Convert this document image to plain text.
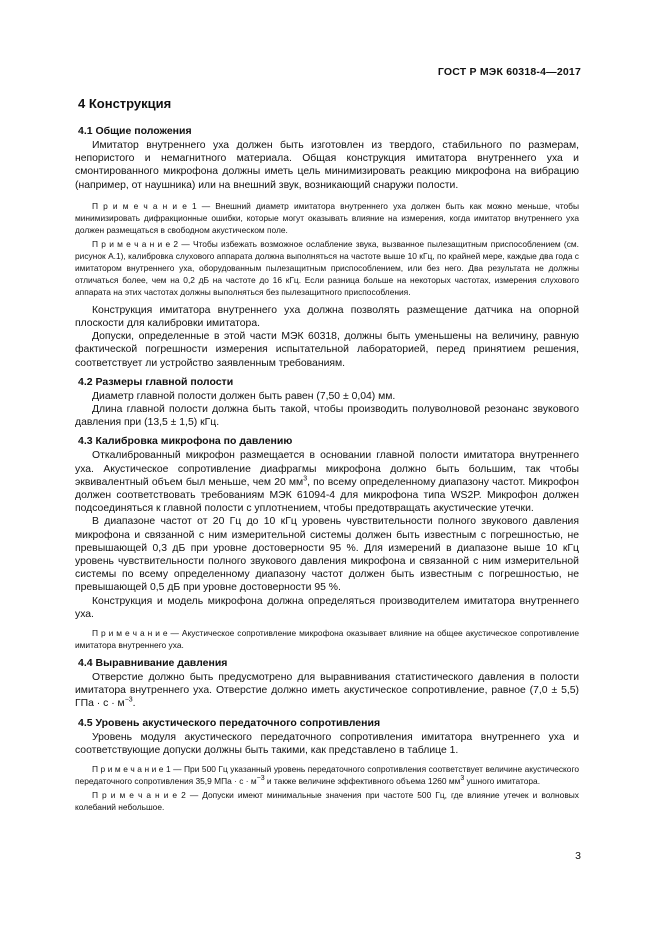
ГОСТ Р МЭК 60318-4—2017
4 Конструкция
4.1 Общие положения

Имитатор внутреннего уха должен быть изготовлен из твердого, стабильного по размерам, непористого и немагнитного материала. Общая конструкция имитатора внутреннего уха и смонтированного микрофона должны иметь цель минимизировать реакцию микрофона на вибрацию (например, от наушника) или на внешний звук, возникающий снаружи полости.

П р и м е ч а н и е 1 — Внешний диаметр имитатора внутреннего уха должен быть как можно меньше, чтобы минимизировать дифракционные ошибки, которые могут оказывать влияние на измерения, когда имитатор внутреннего уха должен размещаться в свободном акустическом поле.

П р и м е ч а н и е 2 — Чтобы избежать возможное ослабление звука, вызванное пылезащитным приспособлением (см. рисунок А.1), калибровка слухового аппарата должна выполняться на частоте выше 10 кГц, по крайней мере, каждые два года с имитатором внутреннего уха, оборудованным пылезащитным приспособлением, или без него. Два результата не должны отличаться более, чем на 0,2 дБ на частоте до 16 кГц. Если разница больше на некоторых частотах, измерения слухового аппарата на этих частотах должны выполняться без пылезащитного приспособления.

Конструкция имитатора внутреннего уха должна позволять размещение датчика на опорной плоскости для калибровки имитатора.

Допуски, определенные в этой части МЭК 60318, должны быть уменьшены на величину, равную фактической погрешности измерения испытательной лабораторией, перед принятием решения, соответствует ли устройство заявленным требованиям.

4.2 Размеры главной полости

Диаметр главной полости должен быть равен (7,50 ± 0,04) мм.

Длина главной полости должна быть такой, чтобы производить полуволновой резонанс звукового давления при (13,5 ± 1,5) кГц.

4.3 Калибровка микрофона по давлению

Откалиброванный микрофон размещается в основании главной полости имитатора внутреннего уха. Акустическое сопротивление диафрагмы микрофона должно быть большим, так чтобы эквивалентный объем был меньше, чем 20 $мм^3$, по всему определенному диапазону частот. Микрофон должен соответствовать требованиям МЭК 61094-4 для микрофона типа WS2P. Микрофон должен подсоединяться к главной полости с уплотнением, чтобы предотвращать акустические утечки.

В диапазоне частот от 20 Гц до 10 кГц уровень чувствительности полного звукового давления микрофона и связанной с ним измерительной системы должен быть известным с погрешностью, не превышающей 0,3 дБ при уровне достоверности 95 %. Для измерений в диапазоне выше 10 кГц уровень чувствительности полного звукового давления микрофона и связанной с ним измерительной системы по всему определенному диапазону частот должен быть известным с погрешностью, не превышающей 0,5 дБ при уровне достоверности 95 %.

Конструкция и модель микрофона должна определяться производителем имитатора внутреннего уха.

П р и м е ч а н и е — Акустическое сопротивление микрофона оказывает влияние на общее акустическое сопротивление имитатора внутреннего уха.

4.4 Выравнивание давления

Отверстие должно быть предусмотрено для выравнивания статистического давления в полости имитатора внутреннего уха. Отверстие должно иметь акустическое сопротивление, равное (7,0 ± 5,5) ГПа · $с \cdot м^{-3}$.

4.5 Уровень акустического передаточного сопротивления

Уровень модуля акустического передаточного сопротивления имитатора внутреннего уха и соответствующие допуски должны быть такими, как представлено в таблице 1.

П р и м е ч а н и е 1 — При 500 Гц указанный уровень передаточного сопротивления соответствует величине акустического передаточного сопротивления 35,9 МПа · $с \cdot м^{-3}$ и также величине эффективного объема 1260 $мм^3$ ушного имитатора.

П р и м е ч а н и е 2 — Допуски имеют минимальные значения при частоте 500 Гц, где влияние утечек и волновых колебаний небольшое.

3
